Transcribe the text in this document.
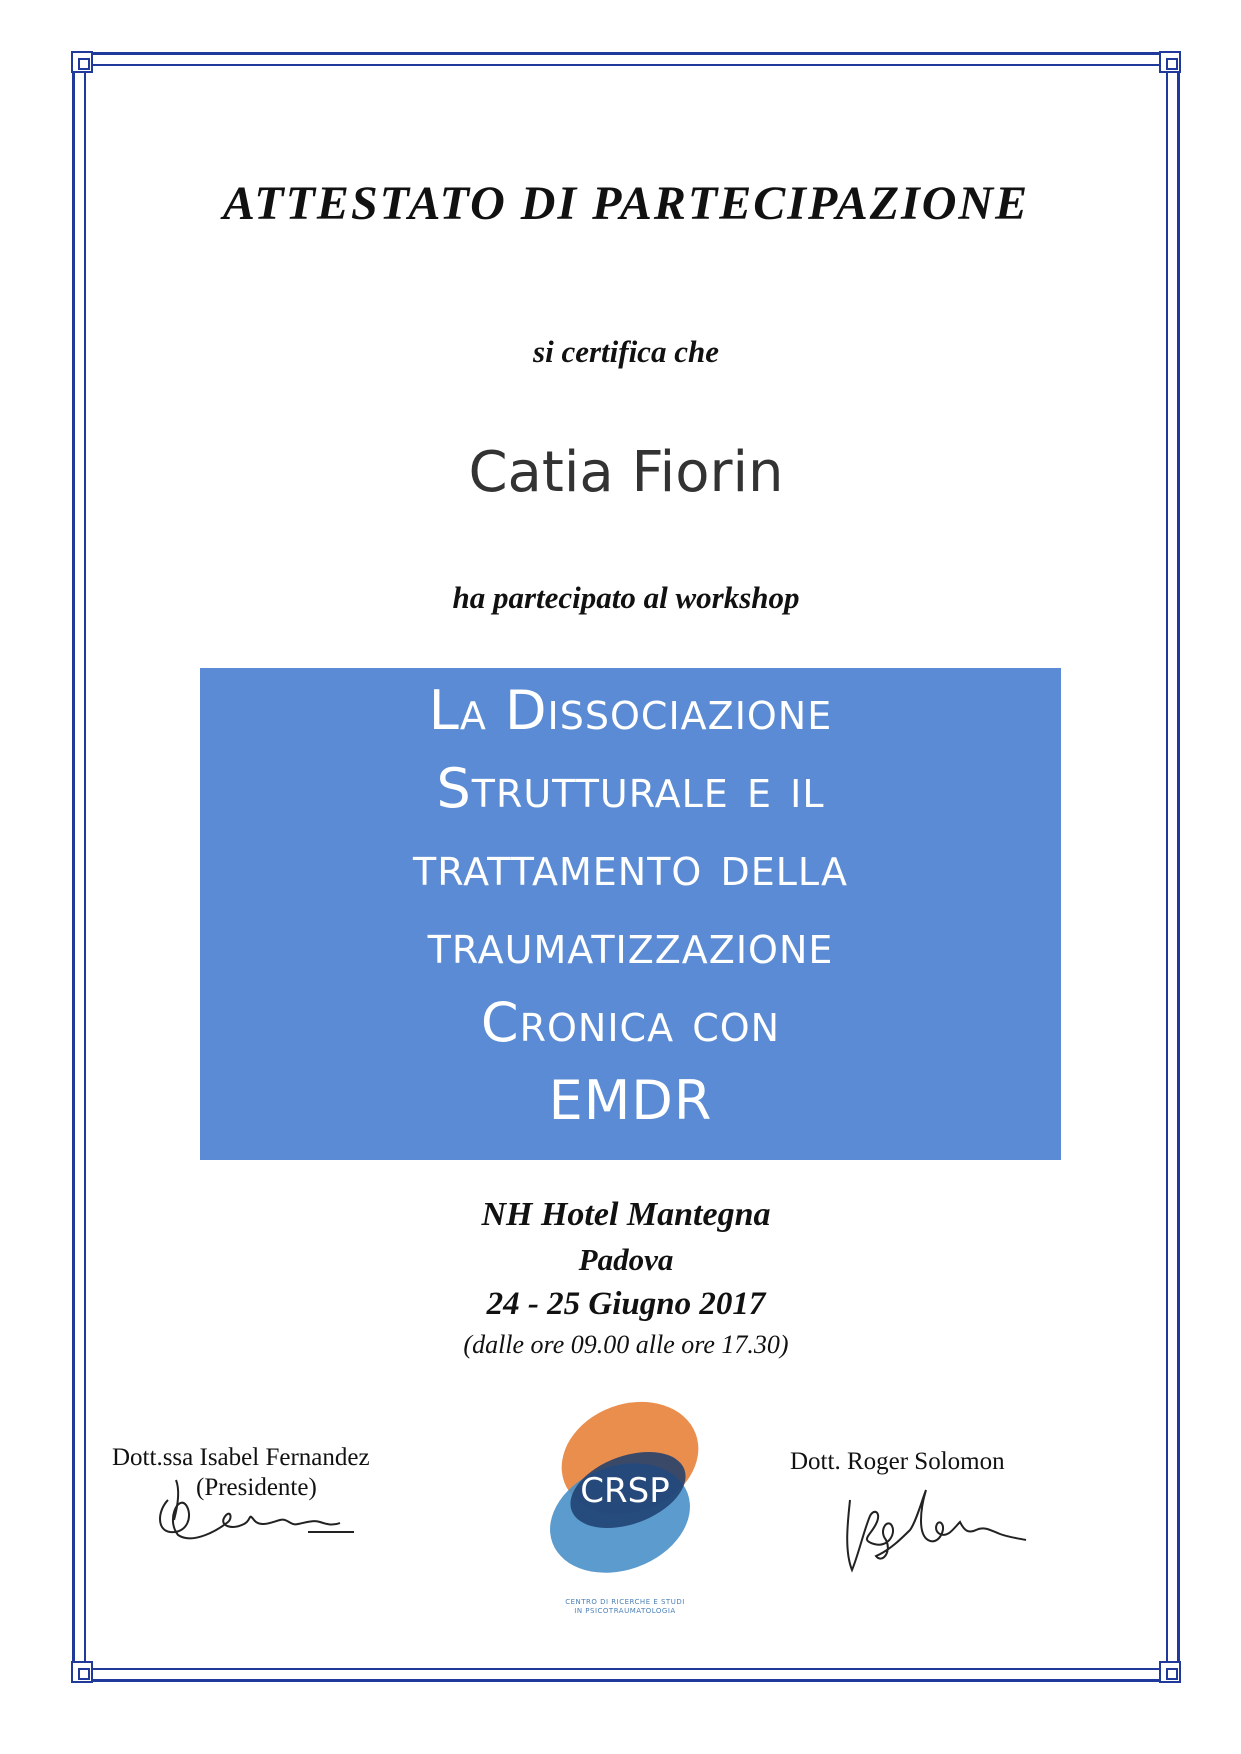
ATTESTATO DI PARTECIPAZIONE
si certifica che
Catia Fiorin
ha partecipato al workshop
La Dissociazione
Strutturale e il
trattamento della
traumatizzazione
Cronica con
EMDR
NH Hotel Mantegna
Padova
24 - 25 Giugno 2017
(dalle ore 09.00 alle ore 17.30)
Dott.ssa Isabel Fernandez
(Presidente)
Dott. Roger Solomon
CRSP
CENTRO DI RICERCHE E STUDI
IN PSICOTRAUMATOLOGIA
